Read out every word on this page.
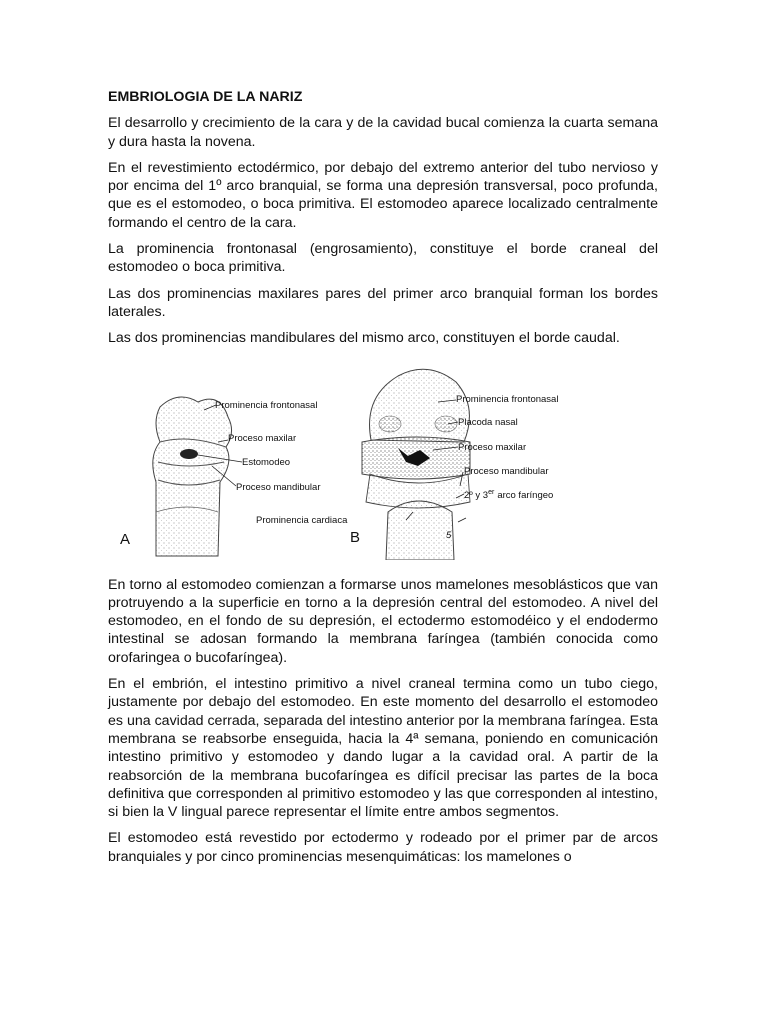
EMBRIOLOGIA DE LA NARIZ
El desarrollo y crecimiento de la cara y de la cavidad bucal comienza la cuarta semana y dura hasta la novena.
En el revestimiento ectodérmico, por debajo del extremo anterior del tubo nervioso y por encima del 1º arco branquial, se forma una depresión transversal, poco profunda, que es el estomodeo, o boca primitiva. El estomodeo aparece localizado centralmente formando el centro de la cara.
La prominencia frontonasal (engrosamiento), constituye el borde craneal del estomodeo o boca primitiva.
Las dos prominencias maxilares pares del primer arco branquial forman los bordes laterales.
Las dos prominencias mandibulares del mismo arco, constituyen el borde caudal.
Prominencia frontonasal
Proceso maxilar
Estomodeo
Proceso mandibular
Prominencia cardiaca
Prominencia frontonasal
Placoda nasal
Proceso maxilar
Proceso mandibular
2º y 3er arco faríngeo
5
A	B
En torno al estomodeo comienzan a formarse unos mamelones mesoblásticos que van protruyendo a la superficie en torno a la depresión central del estomodeo. A nivel del estomodeo, en el fondo de su depresión, el ectodermo estomodéico y el endodermo intestinal se adosan formando la membrana faríngea (también conocida como orofaringea o bucofaríngea).
En el embrión, el intestino primitivo a nivel craneal termina como un tubo ciego, justamente por debajo del estomodeo. En este momento del desarrollo el estomodeo es una cavidad cerrada, separada del intestino anterior por la membrana faríngea. Esta membrana se reabsorbe enseguida, hacia la 4ª semana, poniendo en comunicación intestino primitivo y estomodeo y dando lugar a la cavidad oral. A partir de la reabsorción de la membrana bucofaríngea es difícil precisar las partes de la boca definitiva que corresponden al primitivo estomodeo y las que corresponden al intestino, si bien la V lingual parece representar el límite entre ambos segmentos.
El estomodeo está revestido por ectodermo y rodeado por el primer par de arcos branquiales y por cinco prominencias mesenquimáticas: los mamelones o
